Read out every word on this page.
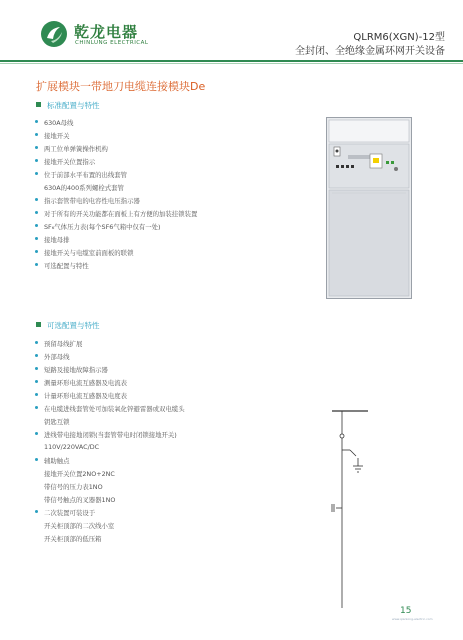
乾龙电器
CHINLUNG ELECTRICAL	QLRM6(XGN)-12型
全封闭、全绝缘金属环网开关设备
扩展模块一带地刀电缆连接模块De
标准配置与特性
630A母线
接地开关
两工位单弹簧操作机构
接地开关位置指示
位于前部水平布置的出线套管
630A的400系列螺栓式套管
指示套管带电的电容性电压指示器
对于所有的开关功能都在面板上有方便的加装挂锁装置
SF₆气体压力表(每个SF6气箱中仅有一处)
接地母排
接地开关与电缆室前面板的联锁
可选配置与特性
可选配置与特性
预留母线扩展
外部母线
短路及接地故障指示器
测量环形电流互感器及电流表
计量环形电流互感器及电度表
在电缆进线套管处可加装氧化锌避雷器或双电缆头
钥匙互锁
进线带电接地闭锁(当套管带电时闭锁接地开关)
110V/220VAC/DC
辅助触点
接地开关位置2NO+2NC
带信号的压力表1NO
带信号触点的叉器器1NO
二次装置可装设于
开关柜顶部的二次线小室
开关柜顶部的低压箱
15
www.qianlong-electric.com
